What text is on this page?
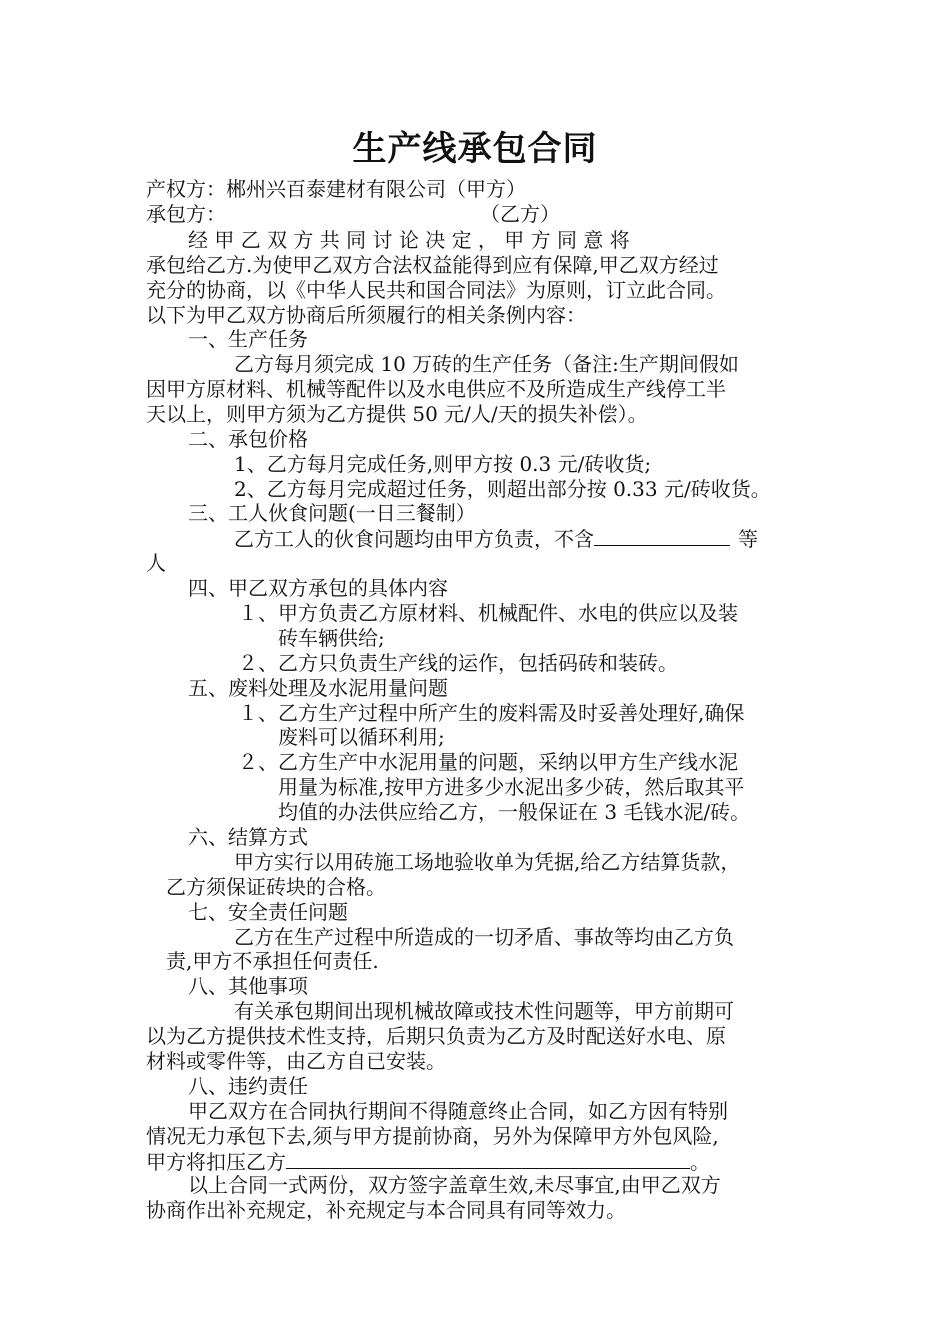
生产线承包合同
产权方：郴州兴百泰建材有限公司（甲方）
承包方：	（乙方）
经 甲 乙 双 方 共 同 讨 论 决 定 ， 甲 方 同 意 将
承包给乙方.为使甲乙双方合法权益能得到应有保障,甲乙双方经过
充分的协商，以《中华人民共和国合同法》为原则，订立此合同。
以下为甲乙双方协商后所须履行的相关条例内容：
一、生产任务
乙方每月须完成 10 万砖的生产任务（备注:生产期间假如
因甲方原材料、机械等配件以及水电供应不及所造成生产线停工半
天以上，则甲方须为乙方提供 50 元/人/天的损失补偿）。
二、承包价格
1、乙方每月完成任务,则甲方按 0.3 元/砖收货;
2、乙方每月完成超过任务，则超出部分按 0.33 元/砖收货。
三、工人伙食问题(一日三餐制）
乙方工人的伙食问题均由甲方负责，不含	等
人
四、甲乙双方承包的具体内容
１、甲方负责乙方原材料、机械配件、水电的供应以及装
砖车辆供给;
２、乙方只负责生产线的运作，包括码砖和装砖。
五、废料处理及水泥用量问题
１、乙方生产过程中所产生的废料需及时妥善处理好,确保
废料可以循环利用;
２、乙方生产中水泥用量的问题，采纳以甲方生产线水泥
用量为标准,按甲方进多少水泥出多少砖，然后取其平
均值的办法供应给乙方，一般保证在 3 毛钱水泥/砖。
六、结算方式
甲方实行以用砖施工场地验收单为凭据,给乙方结算货款，
乙方须保证砖块的合格。
七、安全责任问题
乙方在生产过程中所造成的一切矛盾、事故等均由乙方负
责,甲方不承担任何责任.
八、其他事项
有关承包期间出现机械故障或技术性问题等，甲方前期可
以为乙方提供技术性支持，后期只负责为乙方及时配送好水电、原
材料或零件等，由乙方自已安装。
八、违约责任
甲乙双方在合同执行期间不得随意终止合同，如乙方因有特别
情况无力承包下去,须与甲方提前协商，另外为保障甲方外包风险,
甲方将扣压乙方	。
以上合同一式两份，双方签字盖章生效,未尽事宜,由甲乙双方
协商作出补充规定，补充规定与本合同具有同等效力。
